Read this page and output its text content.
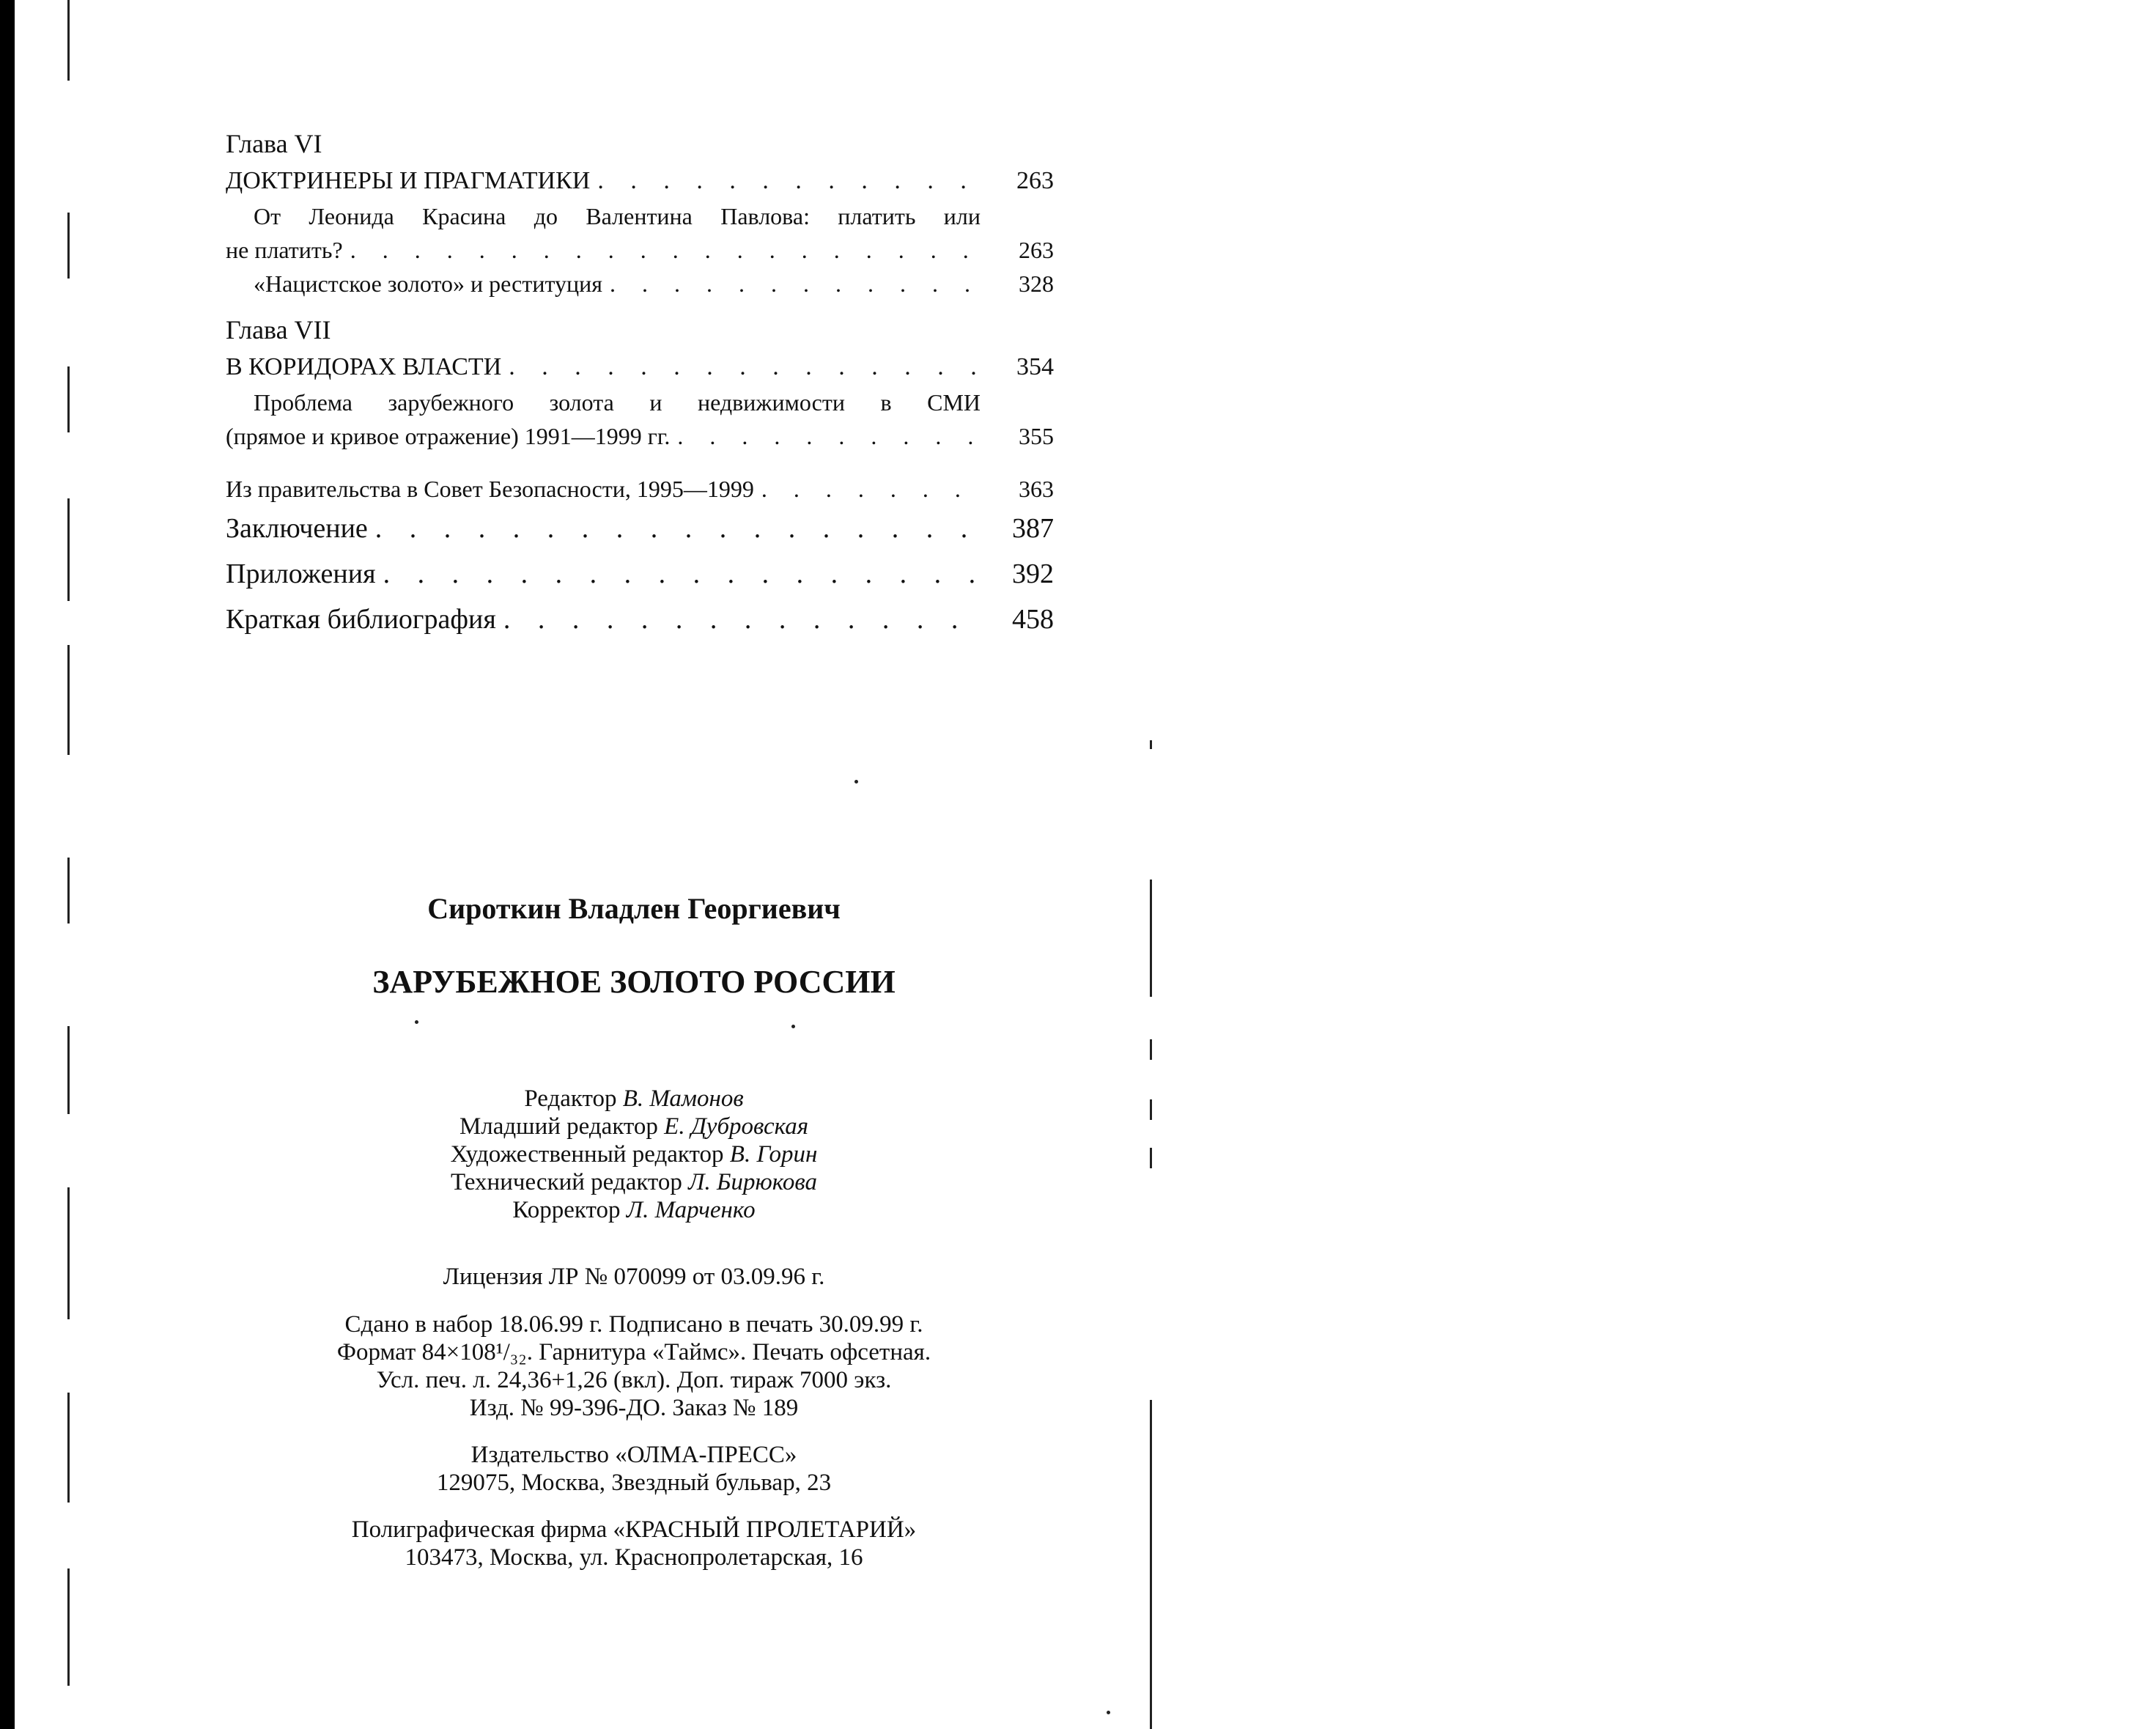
Глава VI

ДОКТРИНЕРЫ И ПРАГМАТИКИ . . .	263
От Леонида Красина до Валентина Павлова: платить или
не платить? . . .	263
«Нацистское золото» и реституция . . .	328

Глава VII

В КОРИДОРАХ ВЛАСТИ . . .	354
Проблема зарубежного золота и недвижимости в СМИ
(прямое и кривое отражение) 1991—1999 гг. . . .	355
Из правительства в Совет Безопасности, 1995—1999 . . .	363
Заключение . . .	387
Приложения . . .	392
Краткая библиография . . .	458

Сироткин Владлен Георгиевич

ЗАРУБЕЖНОЕ ЗОЛОТО РОССИИ

Редактор В. Мамонов
Младший редактор Е. Дубровская
Художественный редактор В. Горин
Технический редактор Л. Бирюкова
Корректор Л. Марченко
Лицензия ЛР № 070099 от 03.09.96 г.
Сдано в набор 18.06.99 г. Подписано в печать 30.09.99 г.
Формат 84×108¹/₃₂. Гарнитура «Таймс». Печать офсетная.
Усл. печ. л. 24,36+1,26 (вкл). Доп. тираж 7000 экз.
Изд. № 99-396-ДО. Заказ № 189
Издательство «ОЛМА-ПРЕСС»
129075, Москва, Звездный бульвар, 23
Полиграфическая фирма «КРАСНЫЙ ПРОЛЕТАРИЙ»
103473, Москва, ул. Краснопролетарская, 16
